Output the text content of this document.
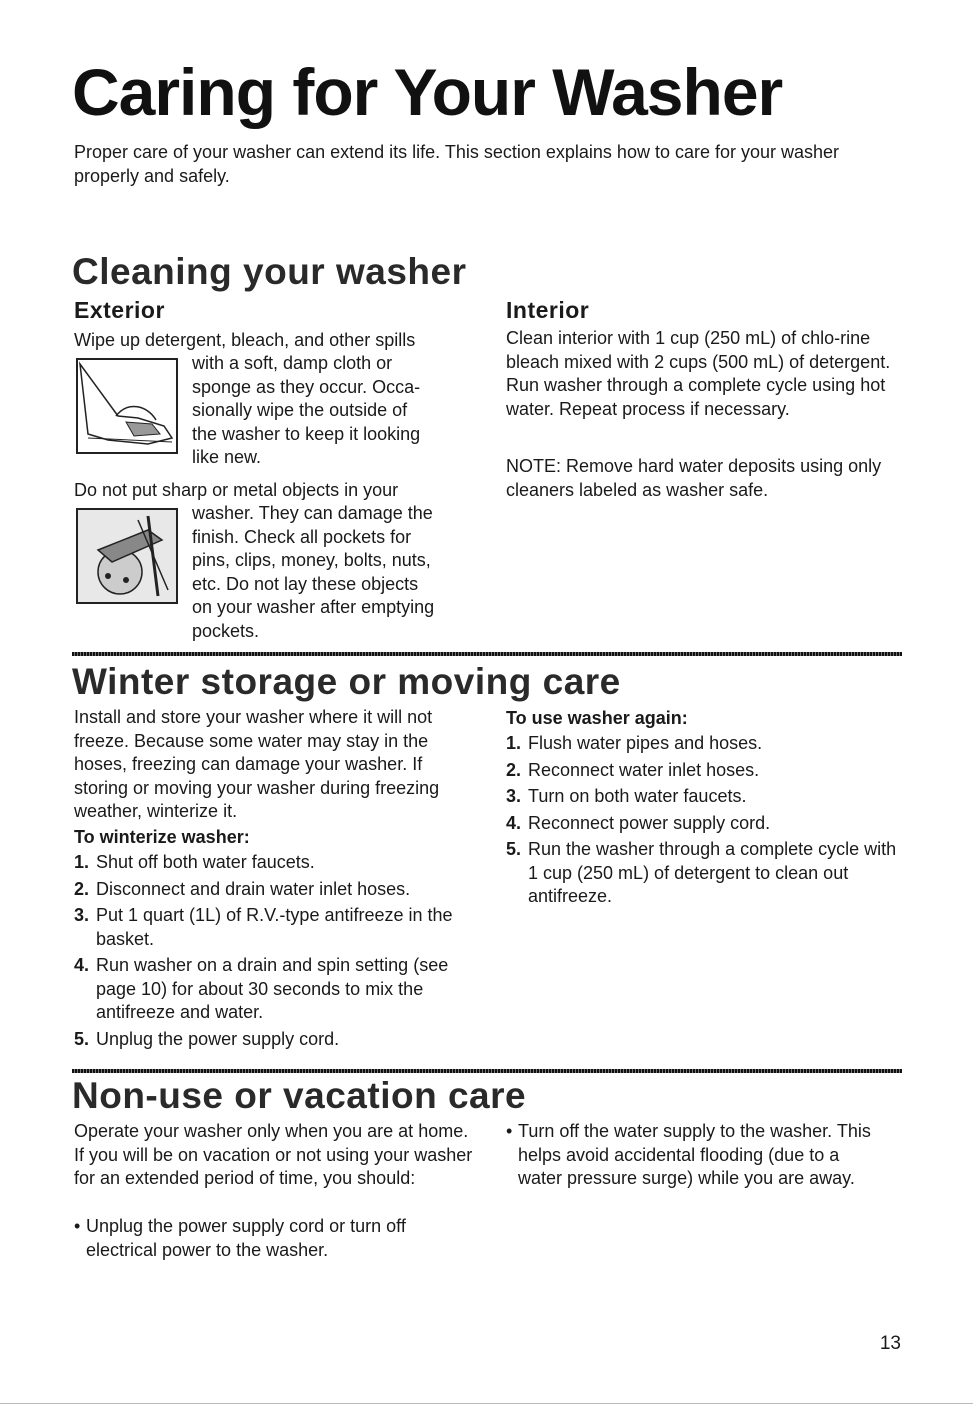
Caring for Your Washer

Proper care of your washer can extend its life. This section explains how to care for your washer properly and safely.

Cleaning your washer
Exterior

Wipe up detergent, bleach, and other spills

with a soft, damp cloth or

sponge as they occur. Occa-

sionally wipe the outside of

the washer to keep it looking

like new.

Do not put sharp or metal objects in your

washer. They can damage the

finish. Check all pockets for

pins, clips, money, bolts, nuts,

etc. Do not lay these objects

on your washer after emptying

pockets.

Interior

Clean interior with 1 cup (250 mL) of chlo-rine bleach mixed with 2 cups (500 mL) of detergent. Run washer through a complete cycle using hot water. Repeat process if necessary.

NOTE: Remove hard water deposits using only cleaners labeled as washer safe.

Winter storage or moving care

Install and store your washer where it will not freeze. Because some water may stay in the hoses, freezing can damage your washer. If storing or moving your washer during freezing weather, winterize it.

To winterize washer:

1. Shut off both water faucets.
2. Disconnect and drain water inlet hoses.
3. Put 1 quart (1L) of R.V.-type antifreeze in the basket.
4. Run washer on a drain and spin setting (see page 10) for about 30 seconds to mix the antifreeze and water.
5. Unplug the power supply cord.

To use washer again:

1. Flush water pipes and hoses.
2. Reconnect water inlet hoses.
3. Turn on both water faucets.
4. Reconnect power supply cord.
5. Run the washer through a complete cycle with 1 cup (250 mL) of detergent to clean out antifreeze.
Non-use or vacation care

Operate your washer only when you are at home. If you will be on vacation or not using your washer for an extended period of time, you should:

• Unplug the power supply cord or turn off electrical power to the washer.
• Turn off the water supply to the washer. This helps avoid accidental flooding (due to a water pressure surge) while you are away.
13
